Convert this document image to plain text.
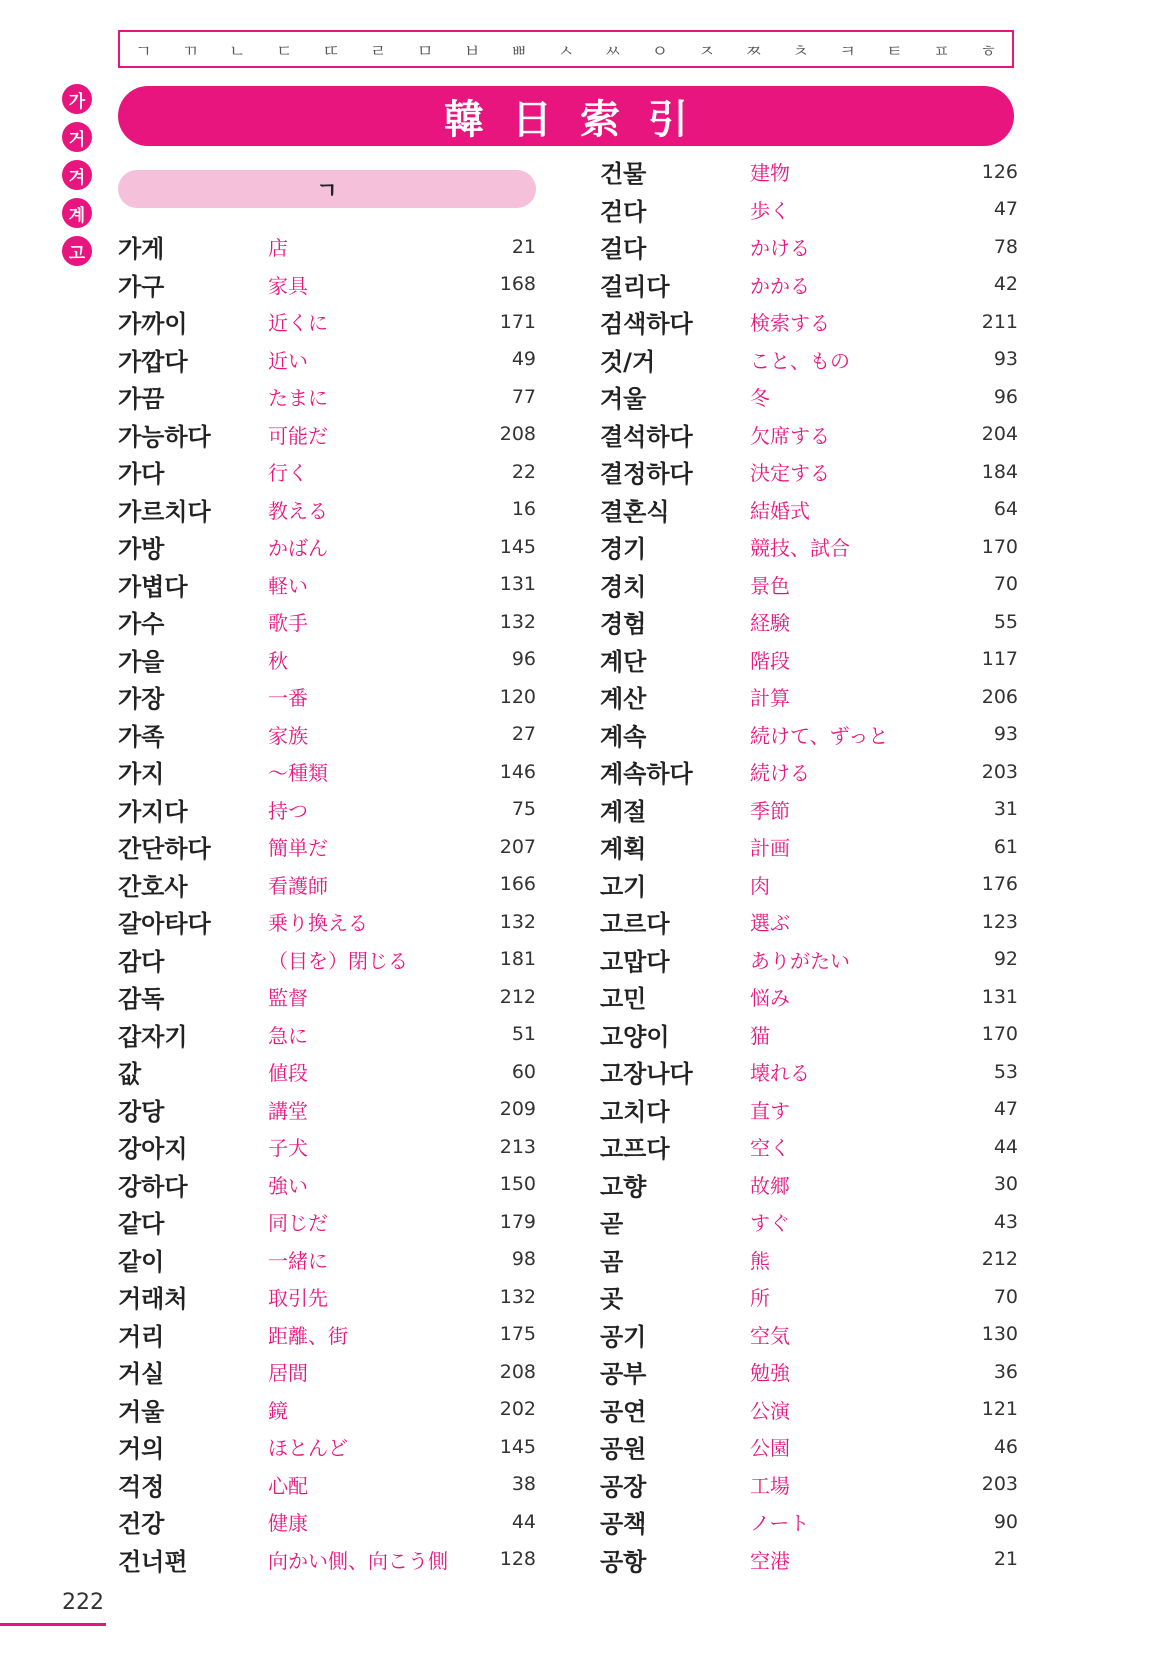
ㄱ ㄲ ㄴ ㄷ ㄸ ㄹ ㅁ ㅂ ㅃ ㅅ ㅆ ㅇ ㅈ ㅉ ㅊ ㅋ ㅌ ㅍ ㅎ
가
거
겨
계
고
韓日索引
ㄱ
가게	店	21
가구	家具	168
가까이	近くに	171
가깝다	近い	49
가끔	たまに	77
가능하다	可能だ	208
가다	行く	22
가르치다	教える	16
가방	かばん	145
가볍다	軽い	131
가수	歌手	132
가을	秋	96
가장	一番	120
가족	家族	27
가지	〜種類	146
가지다	持つ	75
간단하다	簡単だ	207
간호사	看護師	166
갈아타다	乗り換える	132
감다	（目を）閉じる	181
감독	監督	212
갑자기	急に	51
값	値段	60
강당	講堂	209
강아지	子犬	213
강하다	強い	150
같다	同じだ	179
같이	一緒に	98
거래처	取引先	132
거리	距離、街	175
거실	居間	208
거울	鏡	202
거의	ほとんど	145
걱정	心配	38
건강	健康	44
건너편	向かい側、向こう側	128
건물	建物	126
걷다	歩く	47
걸다	かける	78
걸리다	かかる	42
검색하다	検索する	211
것/거	こと、もの	93
겨울	冬	96
결석하다	欠席する	204
결정하다	決定する	184
결혼식	結婚式	64
경기	競技、試合	170
경치	景色	70
경험	経験	55
계단	階段	117
계산	計算	206
계속	続けて、ずっと	93
계속하다	続ける	203
계절	季節	31
계획	計画	61
고기	肉	176
고르다	選ぶ	123
고맙다	ありがたい	92
고민	悩み	131
고양이	猫	170
고장나다	壊れる	53
고치다	直す	47
고프다	空く	44
고향	故郷	30
곧	すぐ	43
곰	熊	212
곳	所	70
공기	空気	130
공부	勉強	36
공연	公演	121
공원	公園	46
공장	工場	203
공책	ノート	90
공항	空港	21
222
